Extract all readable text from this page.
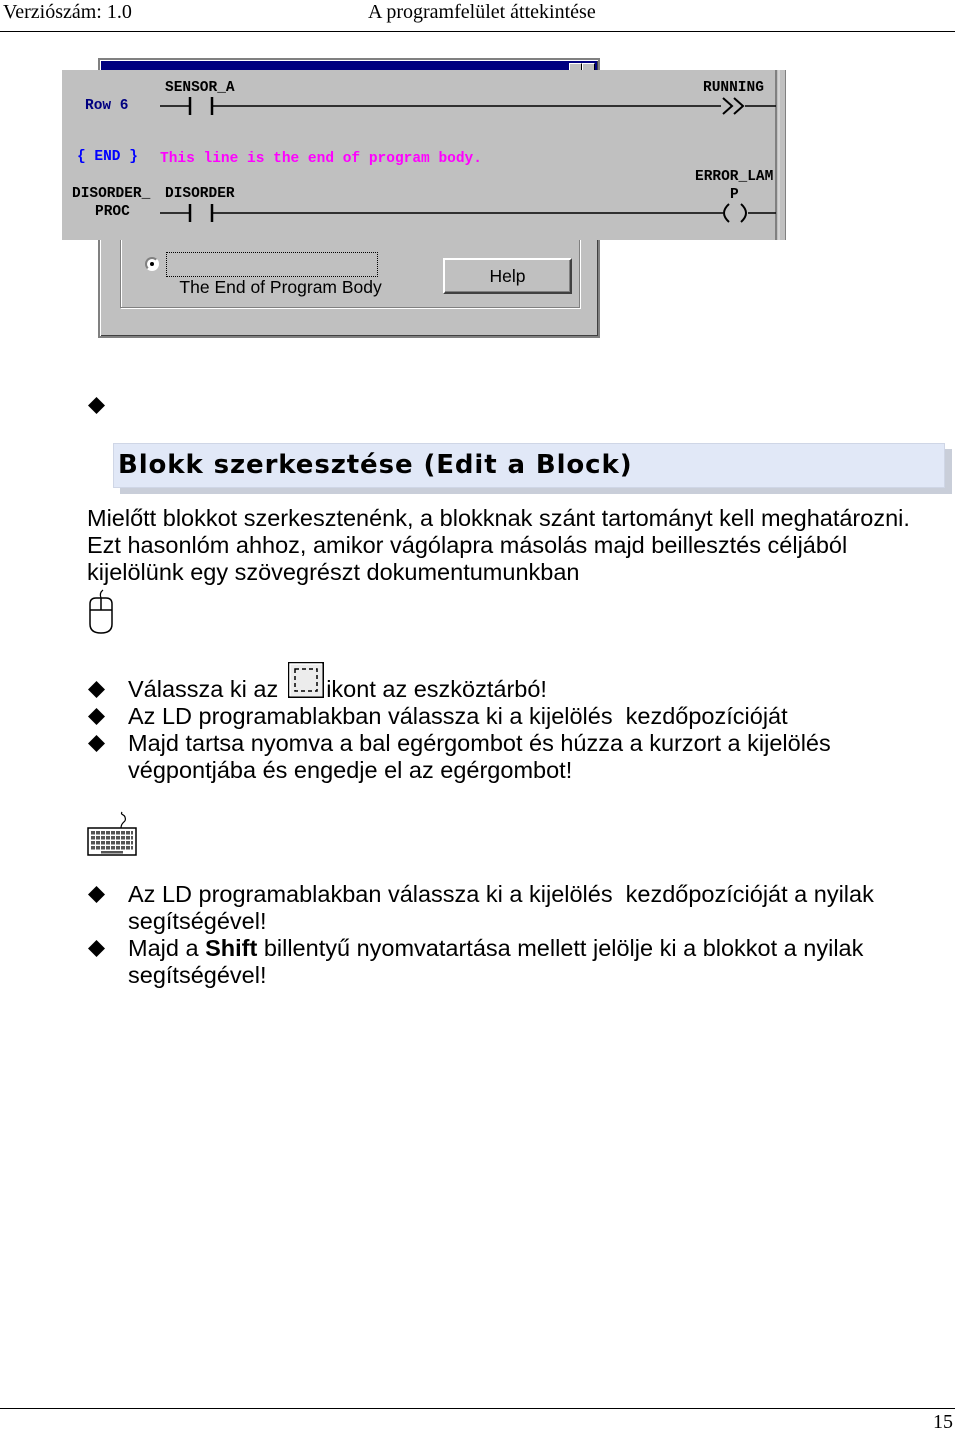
Verziószám: 1.0	A programfelület áttekintése

The End of Program Body

Help
Row 6
SENSOR_A	RUNNING
{ END } This line is the end of program body.
DISORDER_
PROC
DISORDER
ERROR_LAM
P
Blokk szerkesztése (Edit a Block)
Mielőtt blokkot szerkesztenénk, a blokknak szánt tartományt kell meghatározni.
Ezt hasonlóm ahhoz, amikor vágólapra másolás majd beillesztés céljából
kijelölünk egy szövegrészt dokumentumunkban
Válassza ki az ikont az eszköztárbó!
Az LD programablakban válassza ki a kijelölés  kezdőpozícióját
Majd tartsa nyomva a bal egérgombot és húzza a kurzort a kijelölés
végpontjába és engedje el az egérgombot!
Az LD programablakban válassza ki a kijelölés  kezdőpozícióját a nyilak
segítségével!
Majd a Shift billentyű nyomvatartása mellett jelölje ki a blokkot a nyilak
segítségével!
15
